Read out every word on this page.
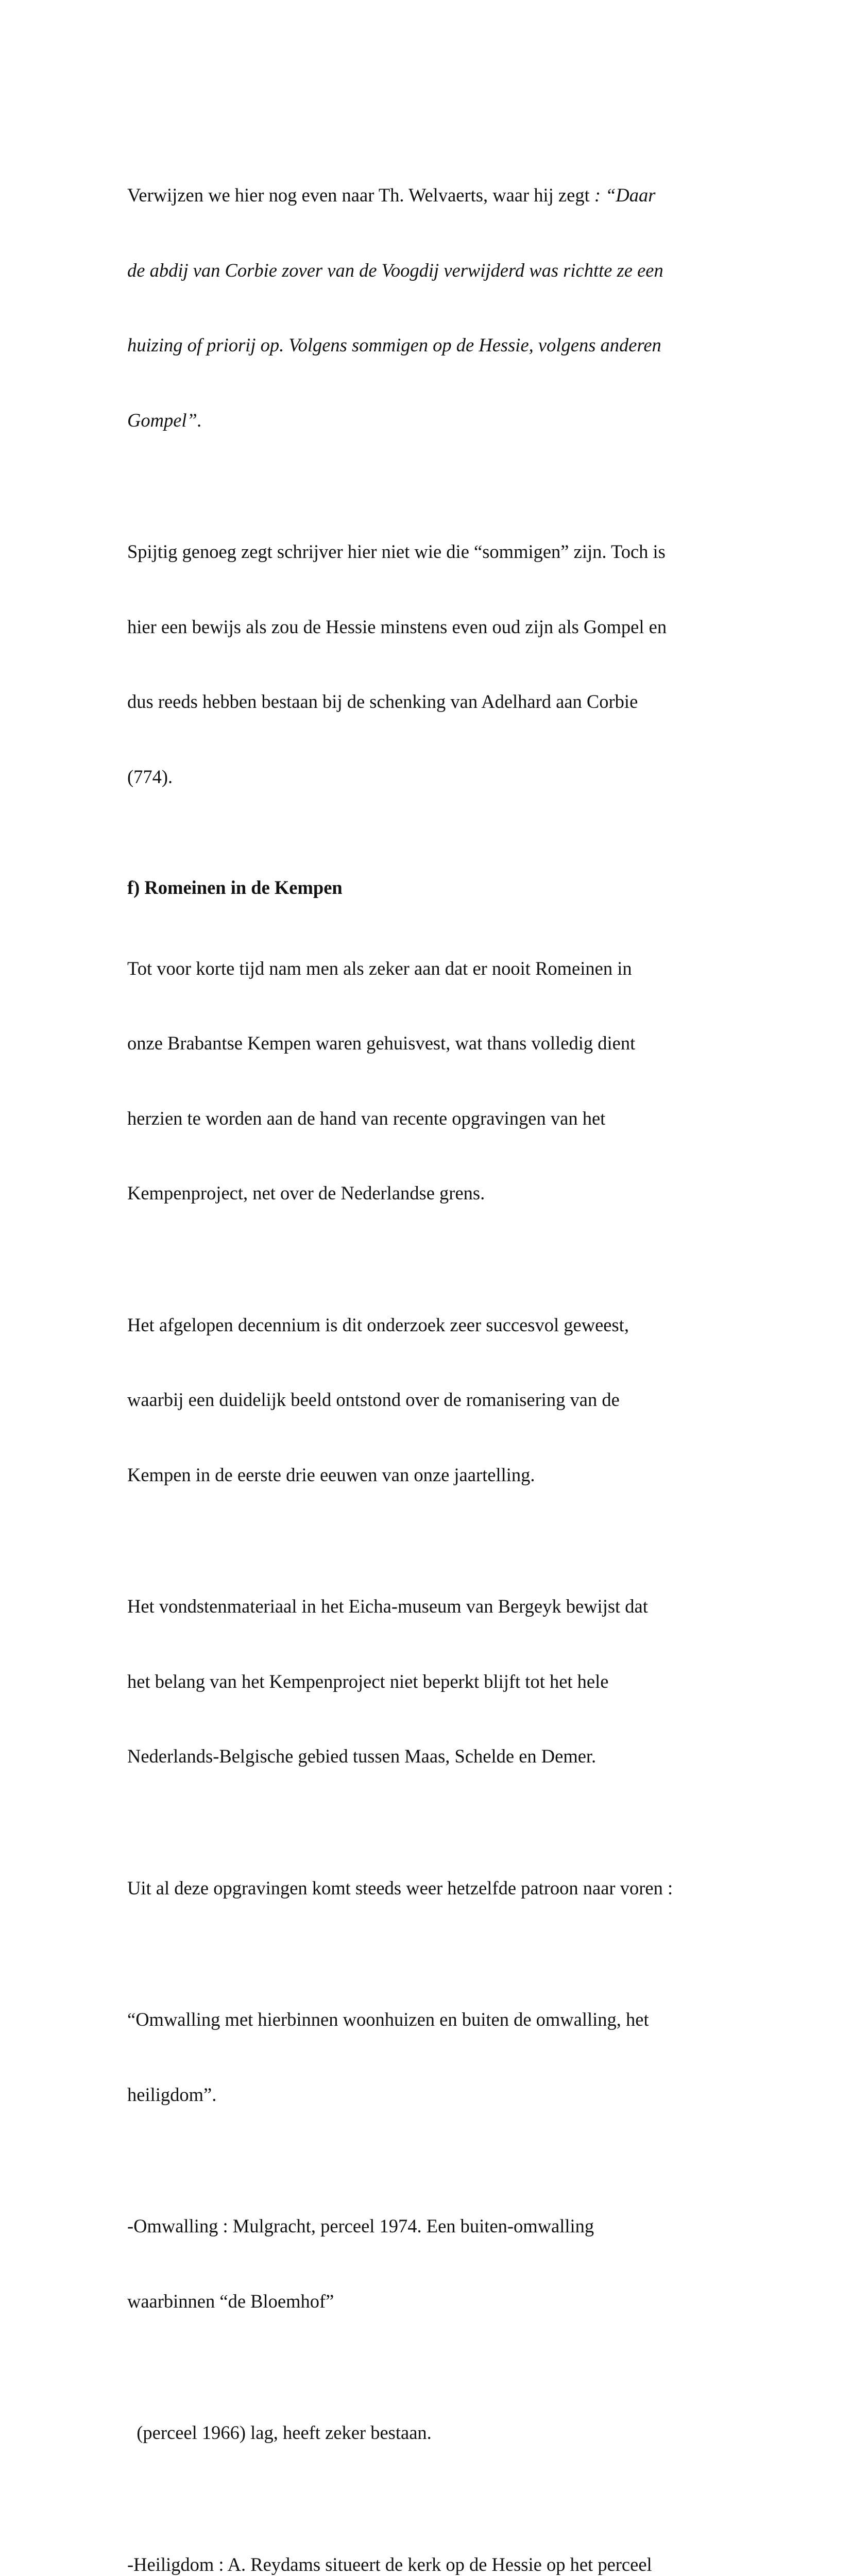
Verwijzen we hier nog even naar Th. Welvaerts, waar hij zegt : “Daar

de abdij van Corbie zover van de Voogdij verwijderd was richtte ze een

huizing of priorij op. Volgens sommigen op de Hessie, volgens anderen

Gompel”.

Spijtig genoeg zegt schrijver hier niet wie die “sommigen” zijn. Toch is

hier een bewijs als zou de Hessie minstens even oud zijn als Gompel en

dus reeds hebben bestaan bij de schenking van Adelhard aan Corbie

(774).

f) Romeinen in de Kempen

Tot voor korte tijd nam men als zeker aan dat er nooit Romeinen in

onze Brabantse Kempen waren gehuisvest, wat thans volledig dient

herzien te worden aan de hand van recente opgravingen van het

Kempenproject, net over de Nederlandse grens.

Het afgelopen decennium is dit onderzoek zeer succesvol geweest,

waarbij een duidelijk beeld ontstond over de romanisering van de

Kempen in de eerste drie eeuwen van onze jaartelling.

Het vondstenmateriaal in het Eicha-museum van Bergeyk bewijst dat

het belang van het Kempenproject niet beperkt blijft tot het hele

Nederlands-Belgische gebied tussen Maas, Schelde en Demer.

Uit al deze opgravingen komt steeds weer hetzelfde patroon naar voren :

“Omwalling met hierbinnen woonhuizen en buiten de omwalling, het

heiligdom”.

-Omwalling : Mulgracht, perceel 1974. Een buiten-omwalling

waarbinnen “de Bloemhof”

(perceel 1966) lag, heeft zeker bestaan.

-Heiligdom : A. Reydams situeert de kerk op de Hessie op het perceel
